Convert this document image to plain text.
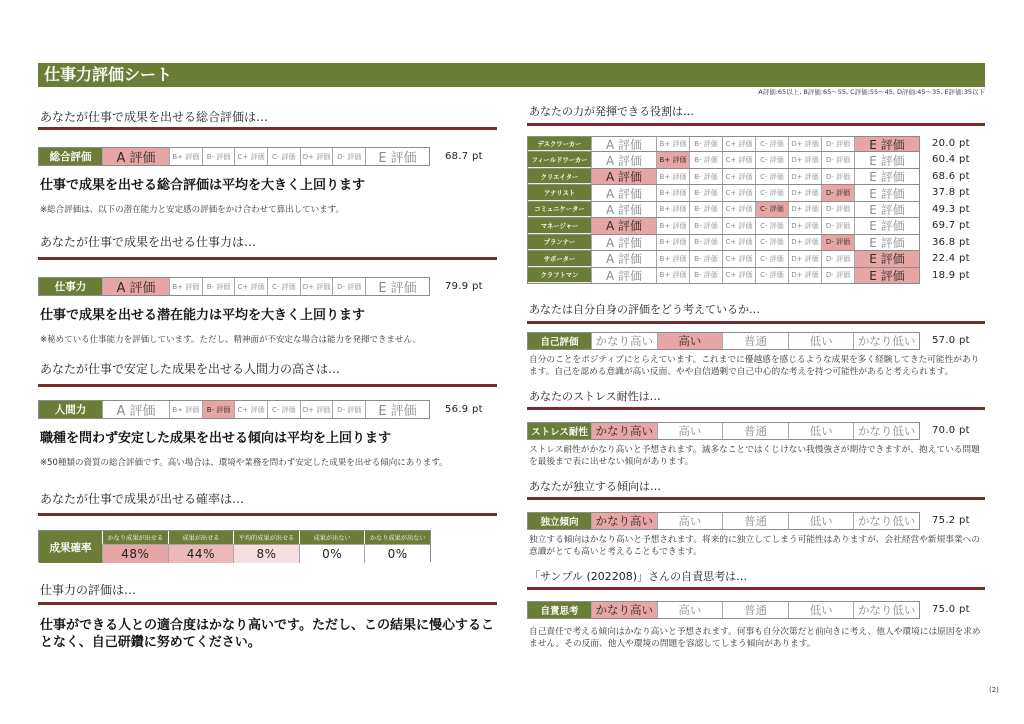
仕事力評価シート
A評価:65以上, B評価:65～55, C評価:55～45, D評価:45～35, E評価:35以下
あなたが仕事で成果を出せる総合評価は…
総合評価	A 評価	B+ 評価	B- 評価	C+ 評価	C- 評価	D+ 評価 D- 評価	E 評価	68.7 pt
仕事で成果を出せる総合評価は平均を大きく上回ります
※総合評価は、以下の潜在能力と安定感の評価をかけ合わせて算出しています。
あなたが仕事で成果を出せる仕事力は…
仕事力	A 評価	B+ 評価	B- 評価	C+ 評価	C- 評価	D+ 評価 D- 評価	E 評価	79.9 pt
仕事で成果を出せる潜在能力は平均を大きく上回ります
※秘めている仕事能力を評価しています。ただし、精神面が不安定な場合は能力を発揮できません。
あなたが仕事で安定した成果を出せる人間力の高さは…
人間力	A 評価	B+ 評価	B- 評価	C+ 評価	C- 評価	D+ 評価 D- 評価	E 評価	56.9 pt
職種を問わず安定した成果を出せる傾向は平均を上回ります
※50種類の資質の総合評価です。高い場合は、環境や業務を問わず安定した成果を出せる傾向にあります。
あなたが仕事で成果が出せる確率は…
成果確率
かなり成果が出せる	成果が出せる	平均的成果が出せる	成果が出ない	かなり成果が出ない
48%	44%	8%	0%	0%
仕事力の評価は…
仕事ができる人との適合度はかなり高いです。ただし、この結果に慢心することなく、自己研鑽に努めてください。
あなたの力が発揮できる役割は…
デスクワーカー	A 評価	B+ 評価	B- 評価	C+ 評価	C- 評価	D+ 評価	D- 評価	E 評価	20.0 pt
フィールドワーカー	A 評価	B+ 評価	B- 評価	C+ 評価	C- 評価	D+ 評価	D- 評価	E 評価	60.4 pt
クリエイター	A 評価	B+ 評価	B- 評価	C+ 評価	C- 評価	D+ 評価	D- 評価	E 評価	68.6 pt
アナリスト	A 評価	B+ 評価	B- 評価	C+ 評価	C- 評価	D+ 評価	D- 評価	E 評価	37.8 pt
コミュニケーター	A 評価	B+ 評価	B- 評価	C+ 評価	C- 評価	D+ 評価	D- 評価	E 評価	49.3 pt
マネージャー	A 評価	B+ 評価	B- 評価	C+ 評価	C- 評価	D+ 評価	D- 評価	E 評価	69.7 pt
プランナー	A 評価	B+ 評価	B- 評価	C+ 評価	C- 評価	D+ 評価	D- 評価	E 評価	36.8 pt
サポーター	A 評価	B+ 評価	B- 評価	C+ 評価	C- 評価	D+ 評価	D- 評価	E 評価	22.4 pt
クラフトマン	A 評価	B+ 評価	B- 評価	C+ 評価	C- 評価	D+ 評価	D- 評価	E 評価	18.9 pt
あなたは自分自身の評価をどう考えているか…
自己評価	かなり高い	高い	普通	低い	かなり低い	57.0 pt
自分のことをポジティブにとらえています。これまでに優越感を感じるような成果を多く経験してきた可能性があります。自己を認める意識が高い反面、やや自信過剰で自己中心的な考えを持つ可能性があると考えられます。
あなたのストレス耐性は…
ストレス耐性 かなり高い	高い	普通	低い	かなり低い	70.0 pt
ストレス耐性がかなり高いと予想されます。滅多なことではくじけない我慢強さが期待できますが、抱えている問題を最後まで表に出せない傾向があります。
あなたが独立する傾向は…
独立傾向	かなり高い	高い	普通	低い	かなり低い	75.2 pt
独立する傾向はかなり高いと予想されます。将来的に独立してしまう可能性はありますが、会社経営や新規事業への意識がとても高いと考えることもできます。
「サンプル (202208)」さんの自責思考は…
自責思考	かなり高い	高い	普通	低い	かなり低い	75.0 pt
自己責任で考える傾向はかなり高いと予想されます。何事も自分次第だと前向きに考え、他人や環境には原因を求めません。その反面、他人や環境の問題を容認してしまう傾向があります。
(2)
